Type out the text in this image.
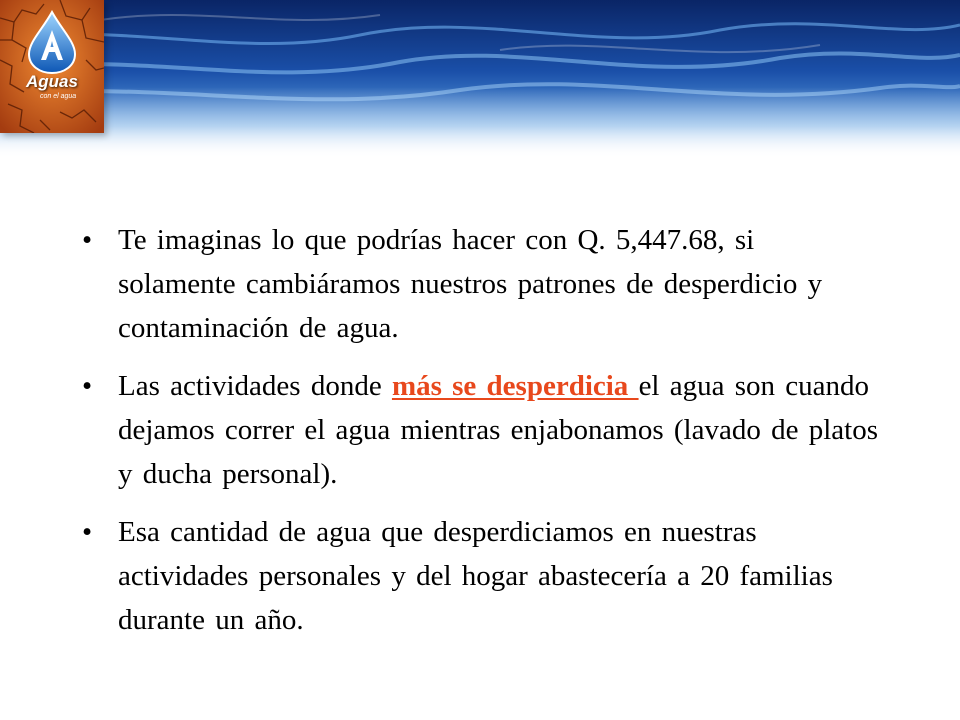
Aguas
con el agua
• Te imaginas lo que podrías hacer con Q. 5,447.68, si solamente cambiáramos nuestros patrones de desperdicio y contaminación de agua.
• Las actividades donde más se desperdicia el agua son cuando dejamos correr el agua mientras enjabonamos (lavado de platos y ducha personal).
• Esa cantidad de agua que desperdiciamos en nuestras actividades personales y del hogar abastecería a 20 familias durante un año.
